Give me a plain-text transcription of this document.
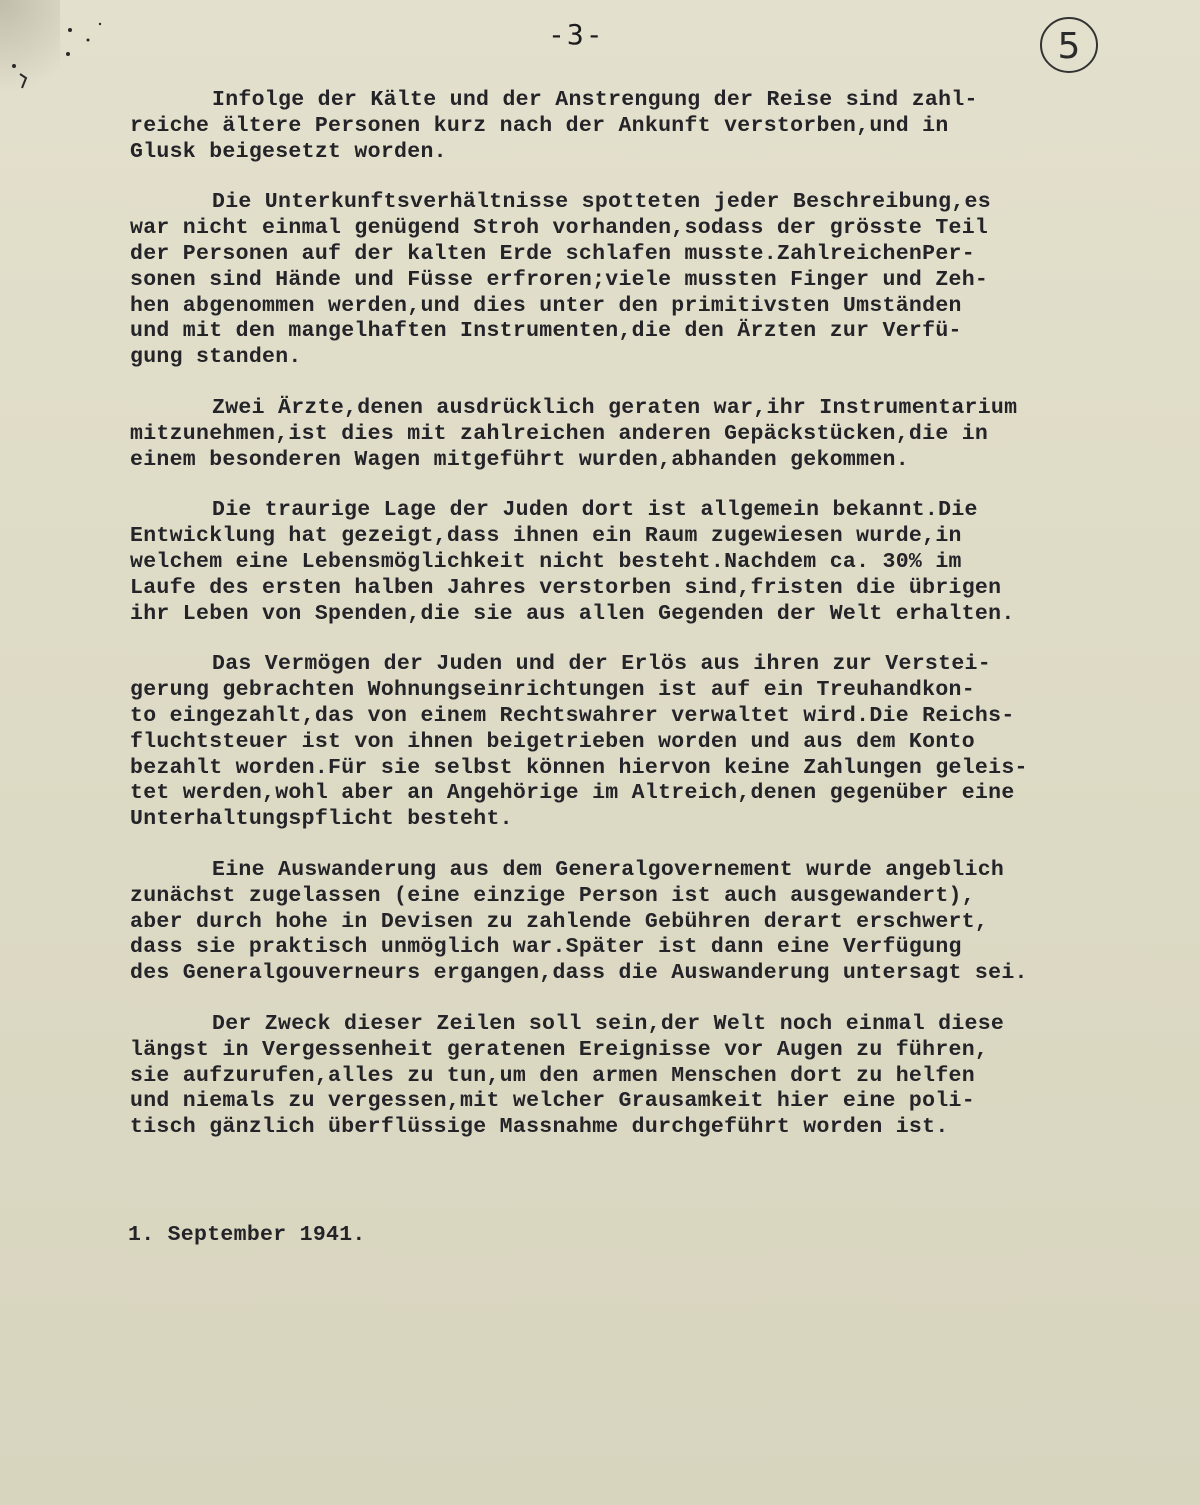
-3-	5
Infolge der Kälte und der Anstrengung der Reise sind zahl-
reiche ältere Personen kurz nach der Ankunft verstorben,und in
Glusk beigesetzt worden.
Die Unterkunftsverhältnisse spotteten jeder Beschreibung,es
war nicht einmal genügend Stroh vorhanden,sodass der grösste Teil
der Personen auf der kalten Erde schlafen musste.ZahlreichenPer-
sonen sind Hände und Füsse erfroren;viele mussten Finger und Zeh-
hen abgenommen werden,und dies unter den primitivsten Umständen
und mit den mangelhaften Instrumenten,die den Ärzten zur Verfü-
gung standen.
Zwei Ärzte,denen ausdrücklich geraten war,ihr Instrumentarium
mitzunehmen,ist dies mit zahlreichen anderen Gepäckstücken,die in
einem besonderen Wagen mitgeführt wurden,abhanden gekommen.
Die traurige Lage der Juden dort ist allgemein bekannt.Die
Entwicklung hat gezeigt,dass ihnen ein Raum zugewiesen wurde,in
welchem eine Lebensmöglichkeit nicht besteht.Nachdem ca. 30% im
Laufe des ersten halben Jahres verstorben sind,fristen die übrigen
ihr Leben von Spenden,die sie aus allen Gegenden der Welt erhalten.
Das Vermögen der Juden und der Erlös aus ihren zur Verstei-
gerung gebrachten Wohnungseinrichtungen ist auf ein Treuhandkon-
to eingezahlt,das von einem Rechtswahrer verwaltet wird.Die Reichs-
fluchtsteuer ist von ihnen beigetrieben worden und aus dem Konto
bezahlt worden.Für sie selbst können hiervon keine Zahlungen geleis-
tet werden,wohl aber an Angehörige im Altreich,denen gegenüber eine
Unterhaltungspflicht besteht.
Eine Auswanderung aus dem Generalgovernement wurde angeblich
zunächst zugelassen (eine einzige Person ist auch ausgewandert),
aber durch hohe in Devisen zu zahlende Gebühren derart erschwert,
dass sie praktisch unmöglich war.Später ist dann eine Verfügung
des Generalgouverneurs ergangen,dass die Auswanderung untersagt sei.
Der Zweck dieser Zeilen soll sein,der Welt noch einmal diese
längst in Vergessenheit geratenen Ereignisse vor Augen zu führen,
sie aufzurufen,alles zu tun,um den armen Menschen dort zu helfen
und niemals zu vergessen,mit welcher Grausamkeit hier eine poli-
tisch gänzlich überflüssige Massnahme durchgeführt worden ist.
1. September 1941.
